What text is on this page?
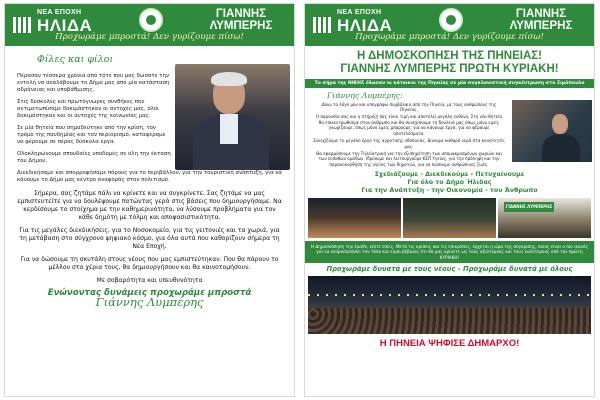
ΝΕΑ ΕΠΟΧΗ
ΗΛΙΔΑ
ΓΙΑΝΝΗΣ
ΛΥΜΠΕΡΗΣ
Προχωράμε μπροστά! Δεν γυρίζουμε πίσω!
Φίλες και φίλοι

Πέρασαν τέσσερα χρόνια από τότε που μας δώσατε την εντολή να αναλάβουμε το Δήμο μας από μία κατάσταση αδράνειας και υποβάθμισης.

Στις δύσκολες και πρωτόγνωρες συνθήκες που αντιμετωπίσαμε δοκιμάστηκαν οι αντοχές μας, όλοι δοκιμάστηκαν και οι αντοχές της κοινωνίας μας.

Σε μία θητεία που σημαδεύτηκε από την κρίση, τον τρόμο της πανδημίας και τον περιορισμό, καταφέραμε να φέρουμε σε πέρας δύσκολα έργα.

Ολοκληρώνουμε σπουδαίες υποδομές σε όλη την έκταση του Δήμου.

Διεκδικήσαμε και απορροφήσαμε πόρους για το περιβάλλον, για την τουριστική ανάπτυξη, για να κάνουμε το Δήμο μας κέντρο αναφοράς στον πολιτισμό.

Σήμερα, σας ζητάμε πάλι να κρίνετε και να συγκρίνετε. Σας ζητάμε να μας εμπιστευτείτε για να δουλέψουμε πατώντας γερά στις βάσεις που δημιουργήσαμε. Να κερδίσουμε το στοίχημα με την καθημερινότητα, να λύσουμε προβλήματα για τον κάθε δημότη με τόλμη και αποφασιστικότητα.

Για τις μεγάλες διεκδικήσεις, για το Νοσοκομείο, για τις γειτονιές και τα χωριά, για τη μετάβαση στο σύγχρονο ψηφιακό κόσμο, για όλα αυτά που καθορίζουν σήμερα τη Νέα Εποχή.

Για να δώσουμε τη σκυτάλη στους νέους που μας εμπιστεύτηκαν. Που θα πάρουν το μέλλον στα χέρια τους, θα δημιουργήσουν και θα καινοτομήσουν.

Με σοβαρότητα και υπευθυνότητα

Ενώνοντας δυνάμεις προχωράμε μπροστά
Γιάννης Λυμπέρης
ΝΕΑ ΕΠΟΧΗ
ΗΛΙΔΑ
ΓΙΑΝΝΗΣ
ΛΥΜΠΕΡΗΣ
Προχωράμε μπροστά! Δεν γυρίζουμε πίσω!
Η ΔΗΜΟΣΚΟΠΗΣΗ ΤΗΣ ΠΗΝΕΙΑΣ!
ΓΙΑΝΝΗΣ ΛΥΜΠΕΡΗΣ ΠΡΩΤΗ ΚΥΡΙΑΚΗ!
Το σήμα της ΝΙΚΗΣ έδωσαν οι κάτοικοι της Πηνείας σε μία συγκλονιστική συγκέντρωση στο Σιμόπουλο
Γιάννης Λυμπέρης:

Δίνω το λόγο μου και υπογράφω συμβόλαιο από την Πηνεία, με τους ανθρώπους της Πηνείας.

Η παρουσία σας και η στήριξή σας είναι τιμή και αποτελεί μεγάλη ευθύνη. Στη νέα θητεία θα επικεντρωθούμε στον άνθρωπο και θα συνεχίσουμε τη δουλειά μας όπως μόνο εμείς γνωρίζουμε, όπως μόνο εμείς μπορούμε, για να κάνουμε έργα, για να φέρουμε αποτελέσματα.

Συνεχίζουμε το μεγάλο έργο της αγροτικής οδοποιίας. Δίνουμε καθαρό νερό στα κοινότητές μας.

Θα εφαρμόσουμε την Τηλεϊατρική για την εξυπηρέτηση των απομακρυσμένων χωριών και των ευπαθών ομάδων. Ιδρύουμε και λειτουργούμε ΚΕΠ Υγείας, για την πρόληψη και την παρακολούθηση της υγείας των δημοτών, για να σώσουμε ανθρώπινες ζωές.

Σχεδιάζουμε - Διεκδικούμε - Πετυχαίνουμε
Για όλο το Δήμο Ήλιδας
Για την Ανάπτυξη - την Οικονομία - τον Άνθρωπο
ΓΙΑΝΝΗΣ ΛΥΜΠΕΡΗΣ
Η Δημοσκόπηση την έμαθε, είστε εσείς. Μετά τις κρίσεις και τις επικρίσεις, έρχεται η ώρα της σύγκρισης, ποιος είναι ο πιο ικανός για να εκπροσωπήσει τον τόπο και είμαι βέβαιος ότι θα μας κρίνετε ως τους αξιότερους και τους καλύτερους από την πρώτη ΚΥΡΙΑΚΗ!
Προχωράμε δυνατά με τους νέους - Προχωράμε δυνατά με όλους
Η ΠΗΝΕΙΑ ΨΗΦΙΣΕ ΔΗΜΑΡΧΟ!
